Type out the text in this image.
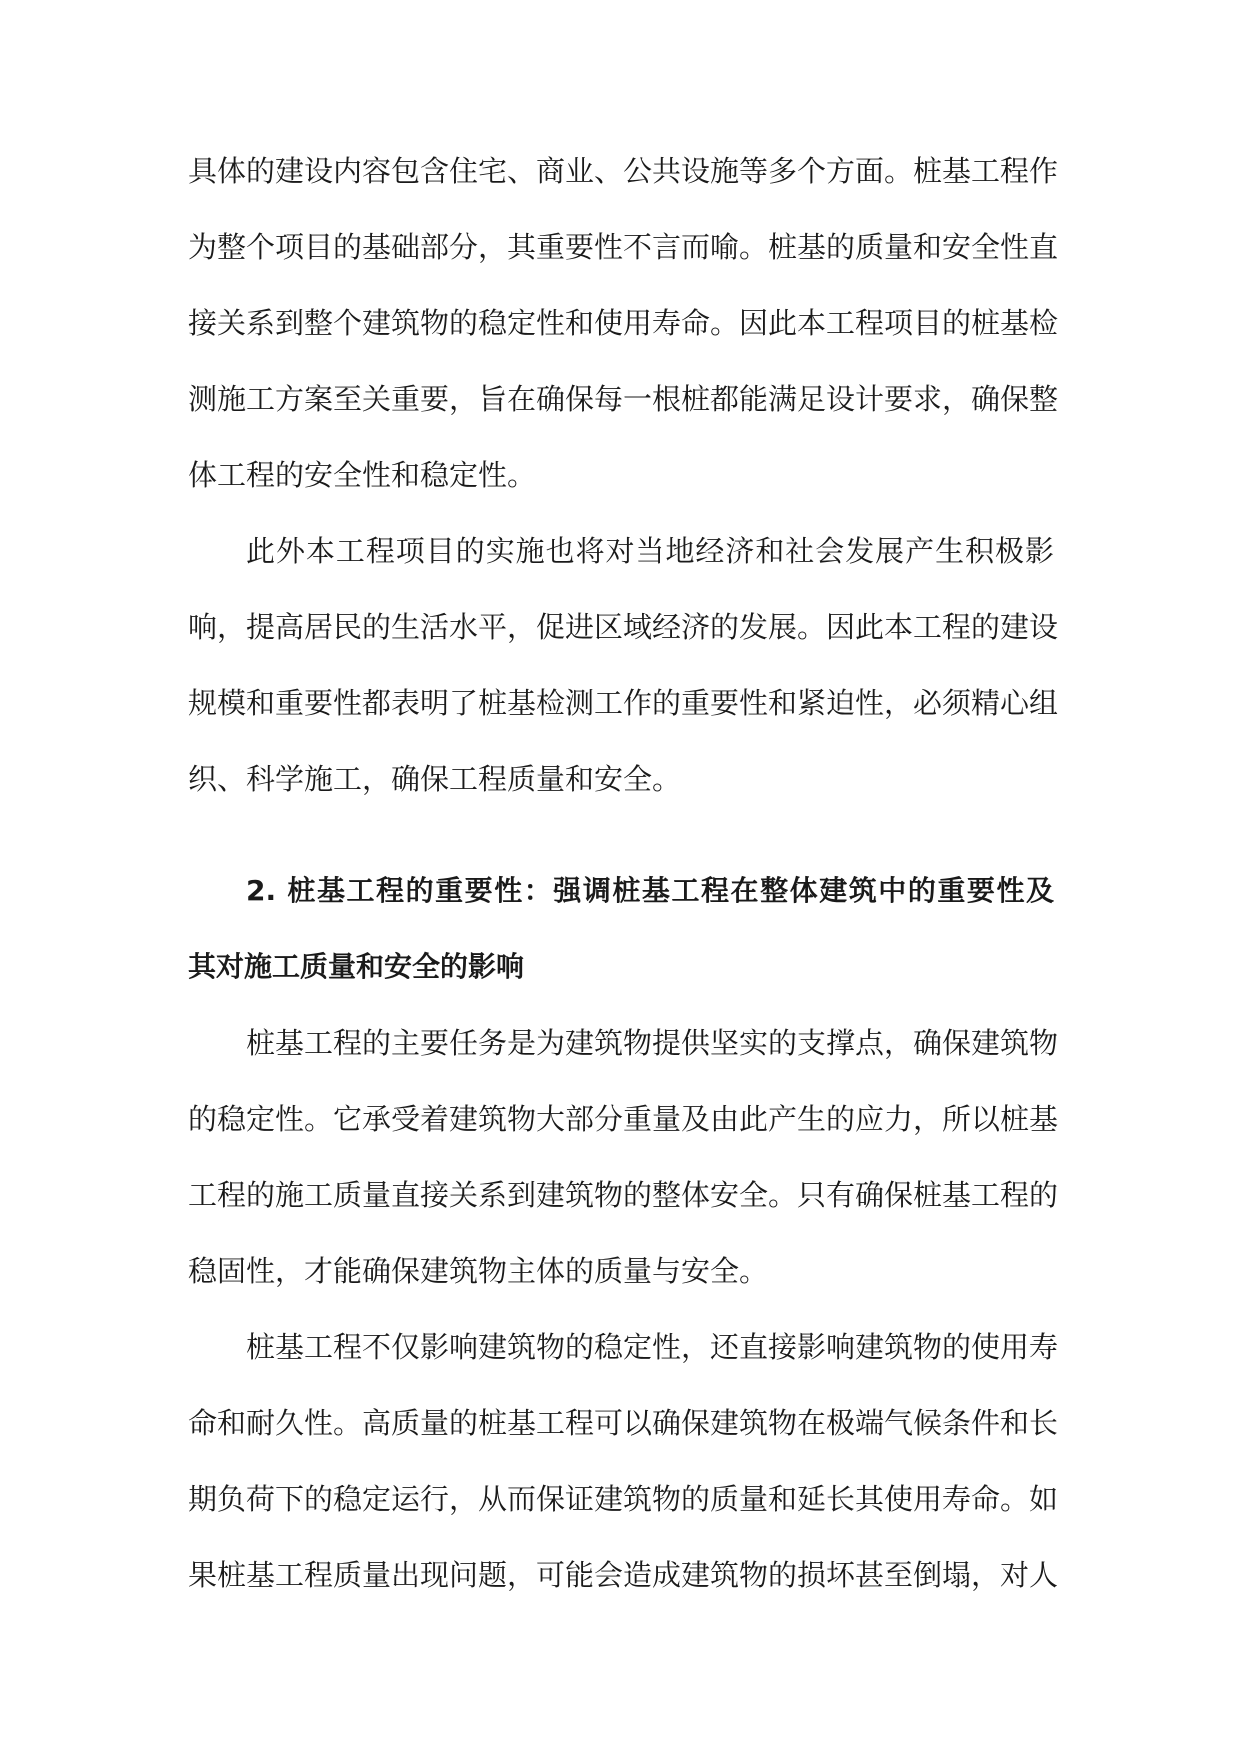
具体的建设内容包含住宅、商业、公共设施等多个方面。桩基工程作
为整个项目的基础部分，其重要性不言而喻。桩基的质量和安全性直
接关系到整个建筑物的稳定性和使用寿命。因此本工程项目的桩基检
测施工方案至关重要，旨在确保每一根桩都能满足设计要求，确保整
体工程的安全性和稳定性。
此外本工程项目的实施也将对当地经济和社会发展产生积极影
响，提高居民的生活水平，促进区域经济的发展。因此本工程的建设
规模和重要性都表明了桩基检测工作的重要性和紧迫性，必须精心组
织、科学施工，确保工程质量和安全。
2. 桩基工程的重要性：强调桩基工程在整体建筑中的重要性及
其对施工质量和安全的影响
桩基工程的主要任务是为建筑物提供坚实的支撑点，确保建筑物
的稳定性。它承受着建筑物大部分重量及由此产生的应力，所以桩基
工程的施工质量直接关系到建筑物的整体安全。只有确保桩基工程的
稳固性，才能确保建筑物主体的质量与安全。
桩基工程不仅影响建筑物的稳定性，还直接影响建筑物的使用寿
命和耐久性。高质量的桩基工程可以确保建筑物在极端气候条件和长
期负荷下的稳定运行，从而保证建筑物的质量和延长其使用寿命。如
果桩基工程质量出现问题，可能会造成建筑物的损坏甚至倒塌，对人
